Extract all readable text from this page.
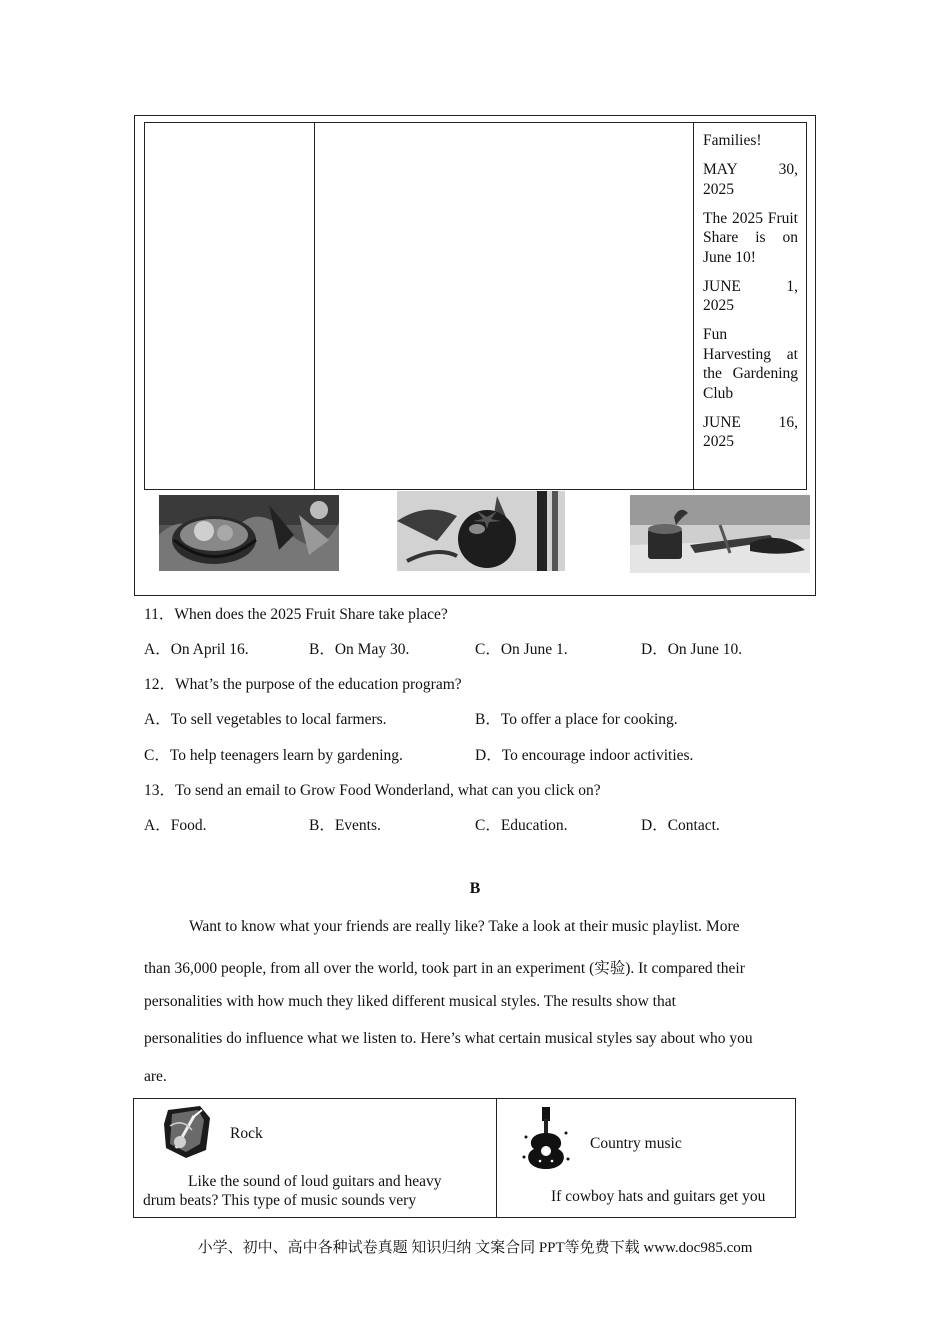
Families!

MAY	30,
2025

The 2025 Fruit Share is on June 10!

JUNE	1,
2025

Fun Harvesting at the Gardening Club

JUNE 16,
2025

11．When does the 2025 Fruit Share take place?
A．On April 16.	B．On May 30.	C．On June 1.	D．On June 10.
12．What’s the purpose of the education program?
A．To sell vegetables to local farmers.	B．To offer a place for cooking.
C．To help teenagers learn by gardening.	D．To encourage indoor activities.
13．To send an email to Grow Food Wonderland, what can you click on?
A．Food.	B．Events.	C．Education.	D．Contact.
B
Want to know what your friends are really like? Take a look at their music playlist. More
than 36,000 people, from all over the world, took part in an experiment (实验). It compared their
personalities with how much they liked different musical styles. The results show that
personalities do influence what we listen to. Here’s what certain musical styles say about who you
are.
Rock
Like the sound of loud guitars and heavy
drum beats? This type of music sounds very
Country music
If cowboy hats and guitars get you
小学、初中、高中各种试卷真题 知识归纳 文案合同 PPT等免费下载 www.doc985.com
